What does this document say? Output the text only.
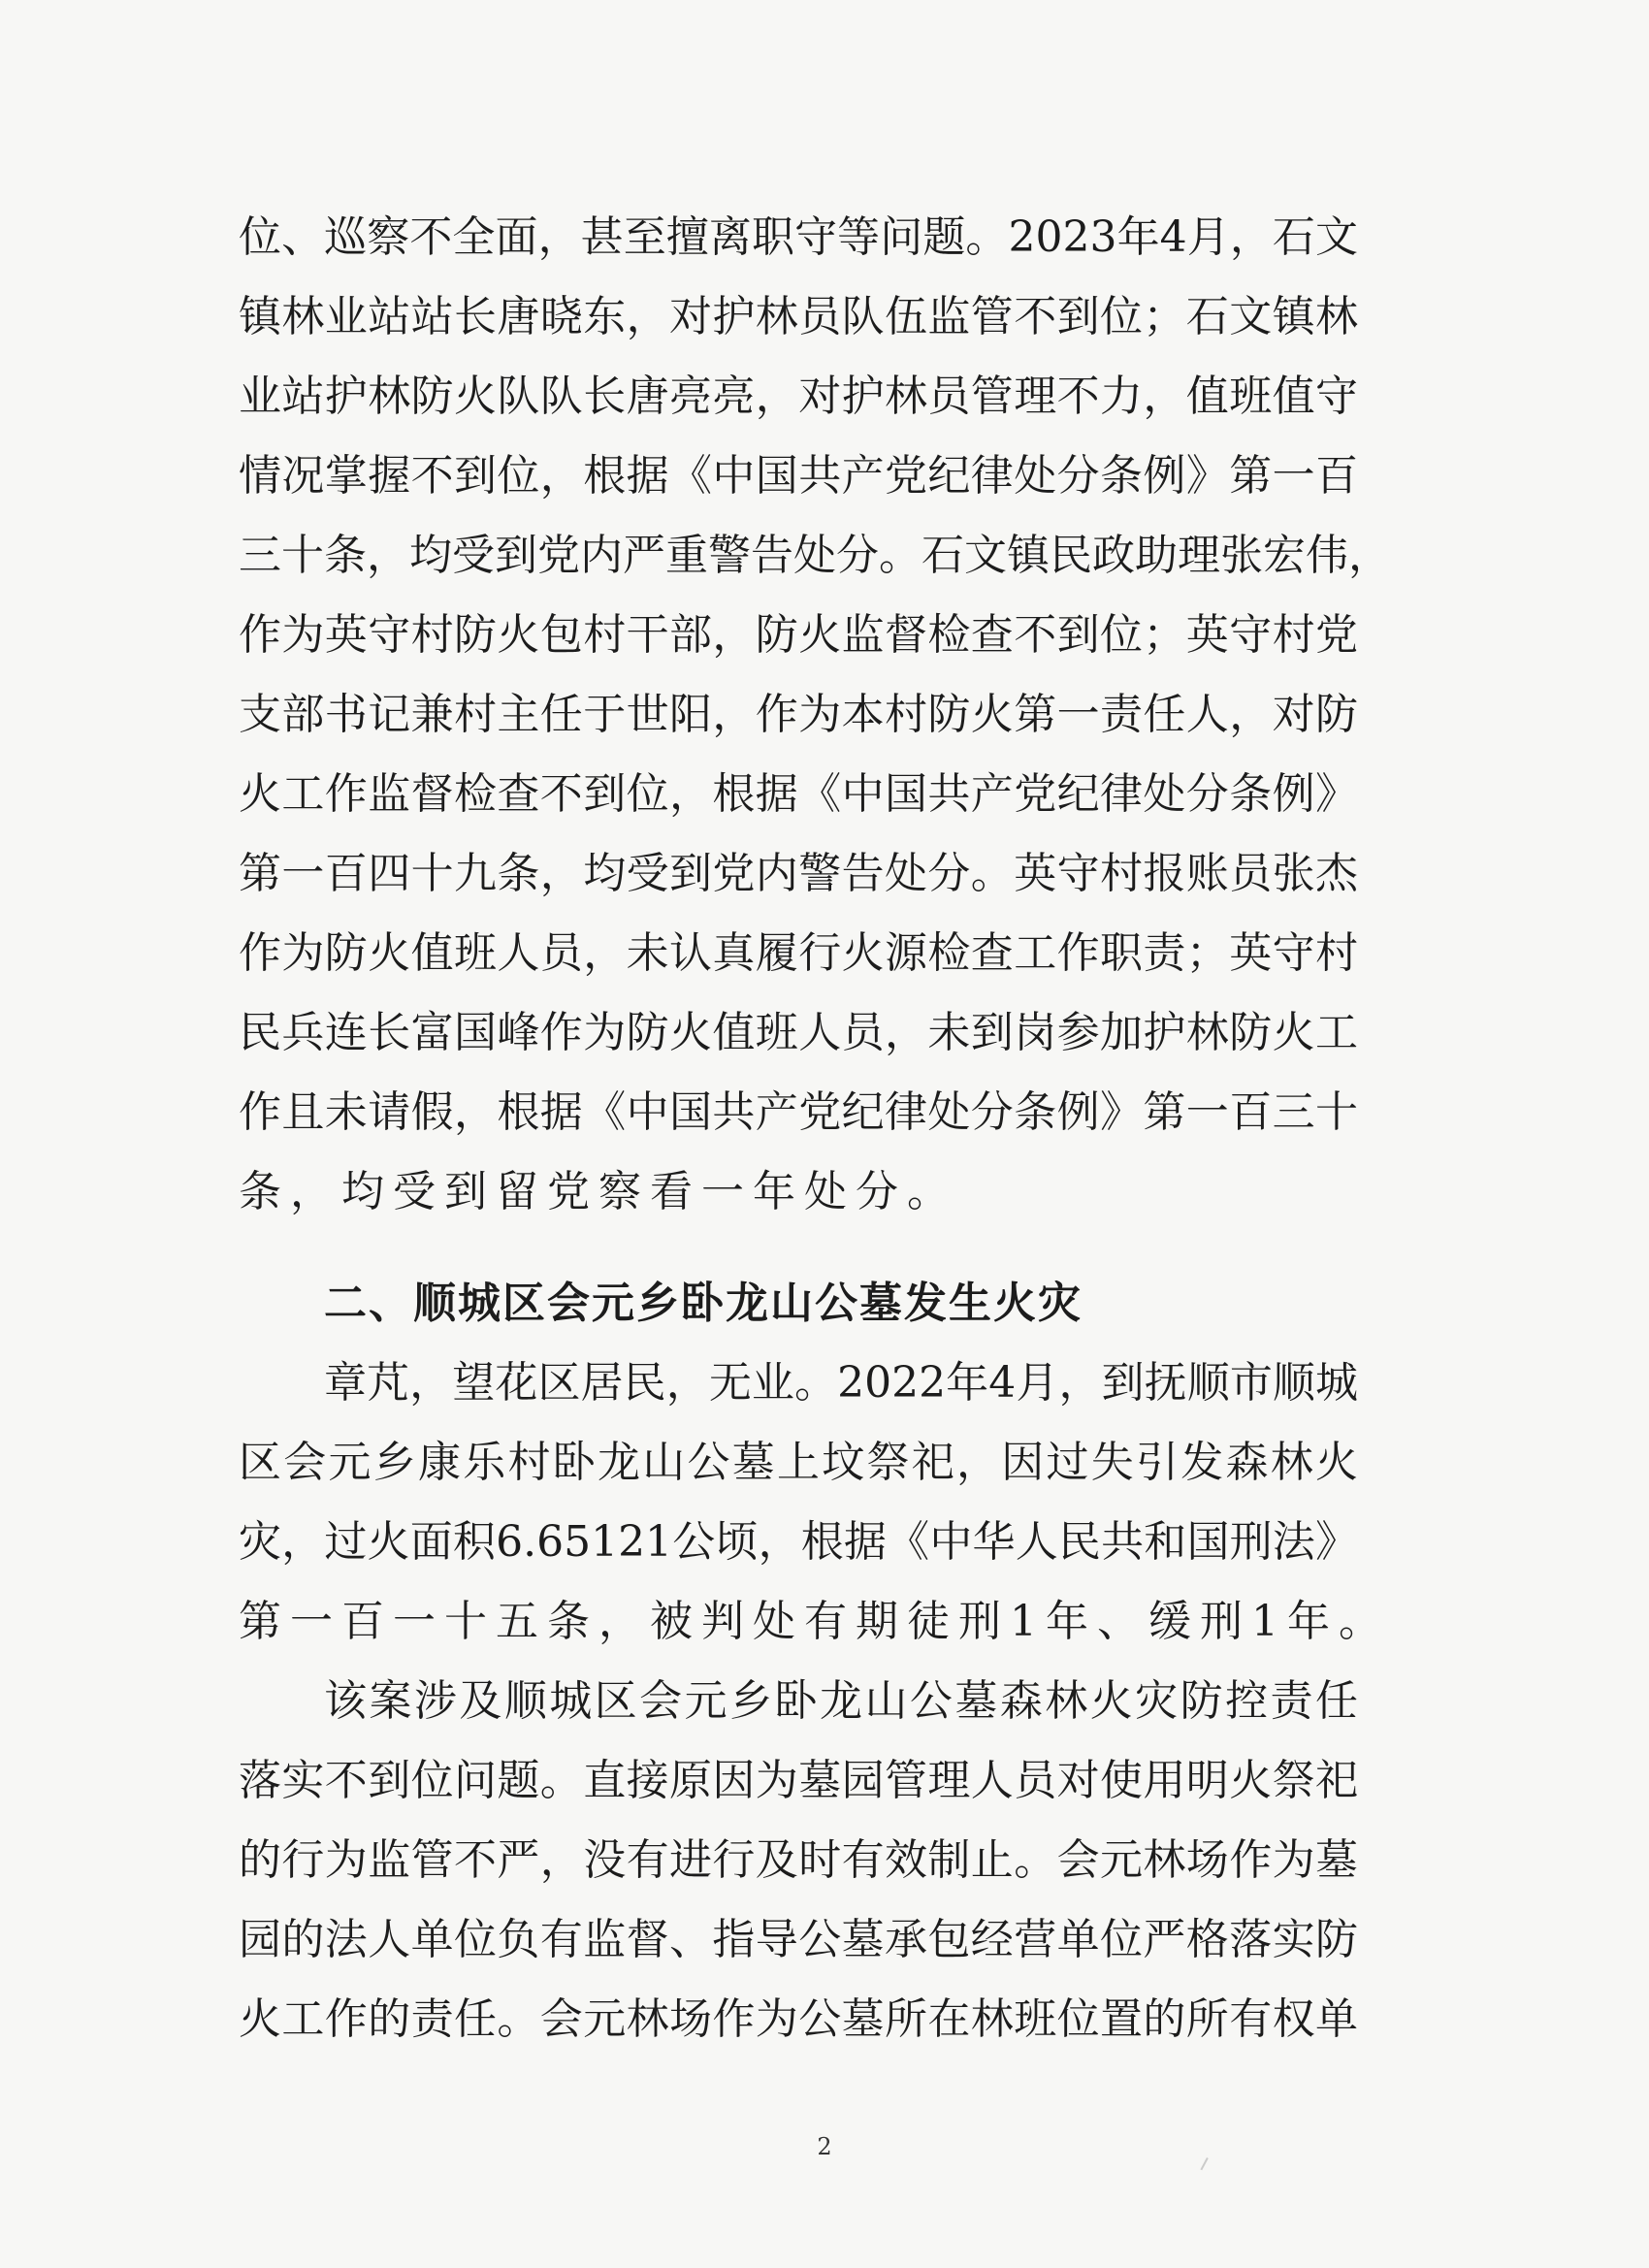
位、巡察不全面，甚至擅离职守等问题。2023年4月，石文
镇林业站站长唐晓东，对护林员队伍监管不到位；石文镇林
业站护林防火队队长唐亮亮，对护林员管理不力，值班值守
情况掌握不到位，根据《中国共产党纪律处分条例》第一百
三十条，均受到党内严重警告处分。石文镇民政助理张宏伟，
作为英守村防火包村干部，防火监督检查不到位；英守村党
支部书记兼村主任于世阳，作为本村防火第一责任人，对防
火工作监督检查不到位，根据《中国共产党纪律处分条例》
第一百四十九条，均受到党内警告处分。英守村报账员张杰
作为防火值班人员，未认真履行火源检查工作职责；英守村
民兵连长富国峰作为防火值班人员，未到岗参加护林防火工
作且未请假，根据《中国共产党纪律处分条例》第一百三十
条，均受到留党察看一年处分。
二、顺城区会元乡卧龙山公墓发生火灾
章芃，望花区居民，无业。2022年4月，到抚顺市顺城
区会元乡康乐村卧龙山公墓上坟祭祀，因过失引发森林火
灾，过火面积6.65121公顷，根据《中华人民共和国刑法》
第一百一十五条，被判处有期徒刑1年、缓刑1年。
该案涉及顺城区会元乡卧龙山公墓森林火灾防控责任
落实不到位问题。直接原因为墓园管理人员对使用明火祭祀
的行为监管不严，没有进行及时有效制止。会元林场作为墓
园的法人单位负有监督、指导公墓承包经营单位严格落实防
火工作的责任。会元林场作为公墓所在林班位置的所有权单
2
